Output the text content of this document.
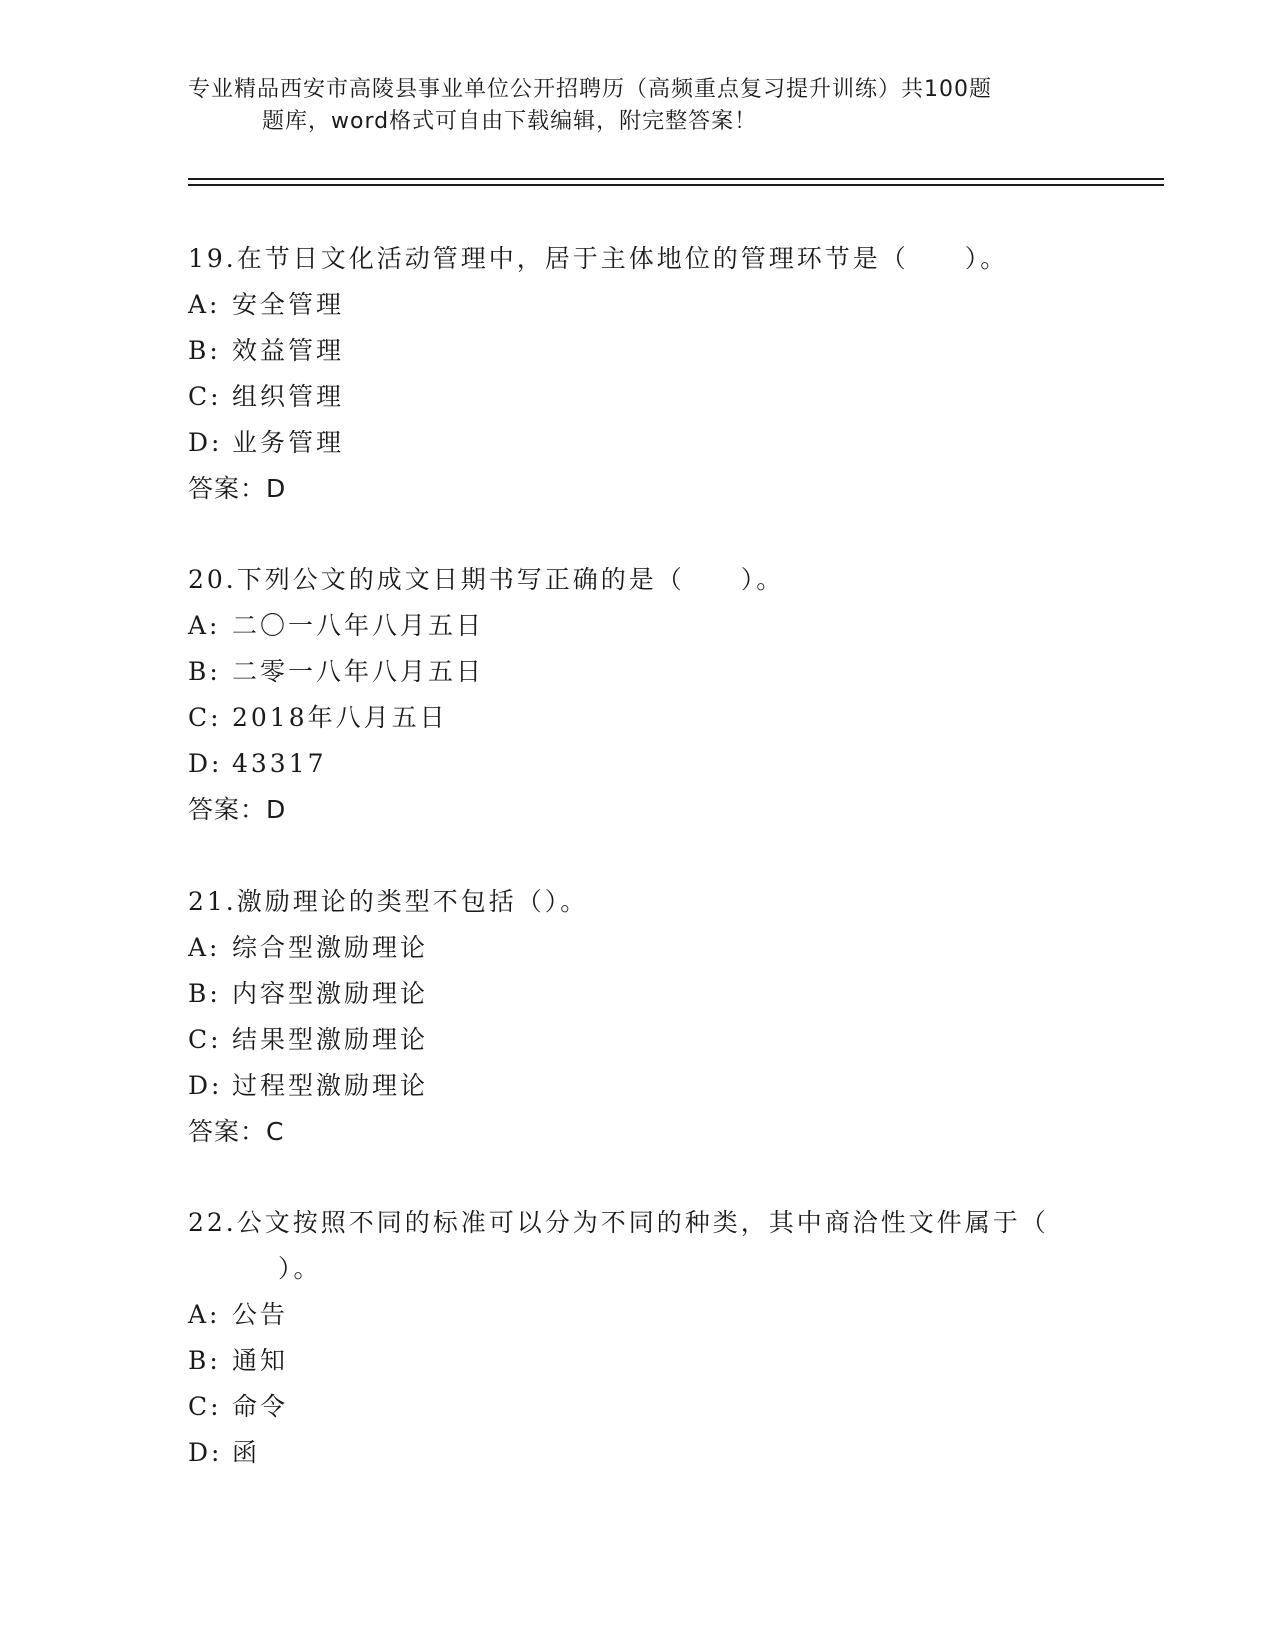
专业精品西安市高陵县事业单位公开招聘历（高频重点复习提升训练）共100题
题库，word格式可自由下载编辑，附完整答案！

19.在节日文化活动管理中，居于主体地位的管理环节是（　　）。

A: 安全管理

B: 效益管理

C: 组织管理

D: 业务管理

答案：D

20.下列公文的成文日期书写正确的是（　　）。

A: 二〇一八年八月五日

B: 二零一八年八月五日

C: 2018年八月五日

D: 43317

答案：D

21.激励理论的类型不包括（）。

A: 综合型激励理论

B: 内容型激励理论

C: 结果型激励理论

D: 过程型激励理论

答案：C

22.公文按照不同的标准可以分为不同的种类，其中商洽性文件属于（
）。

A: 公告

B: 通知

C: 命令

D: 函
